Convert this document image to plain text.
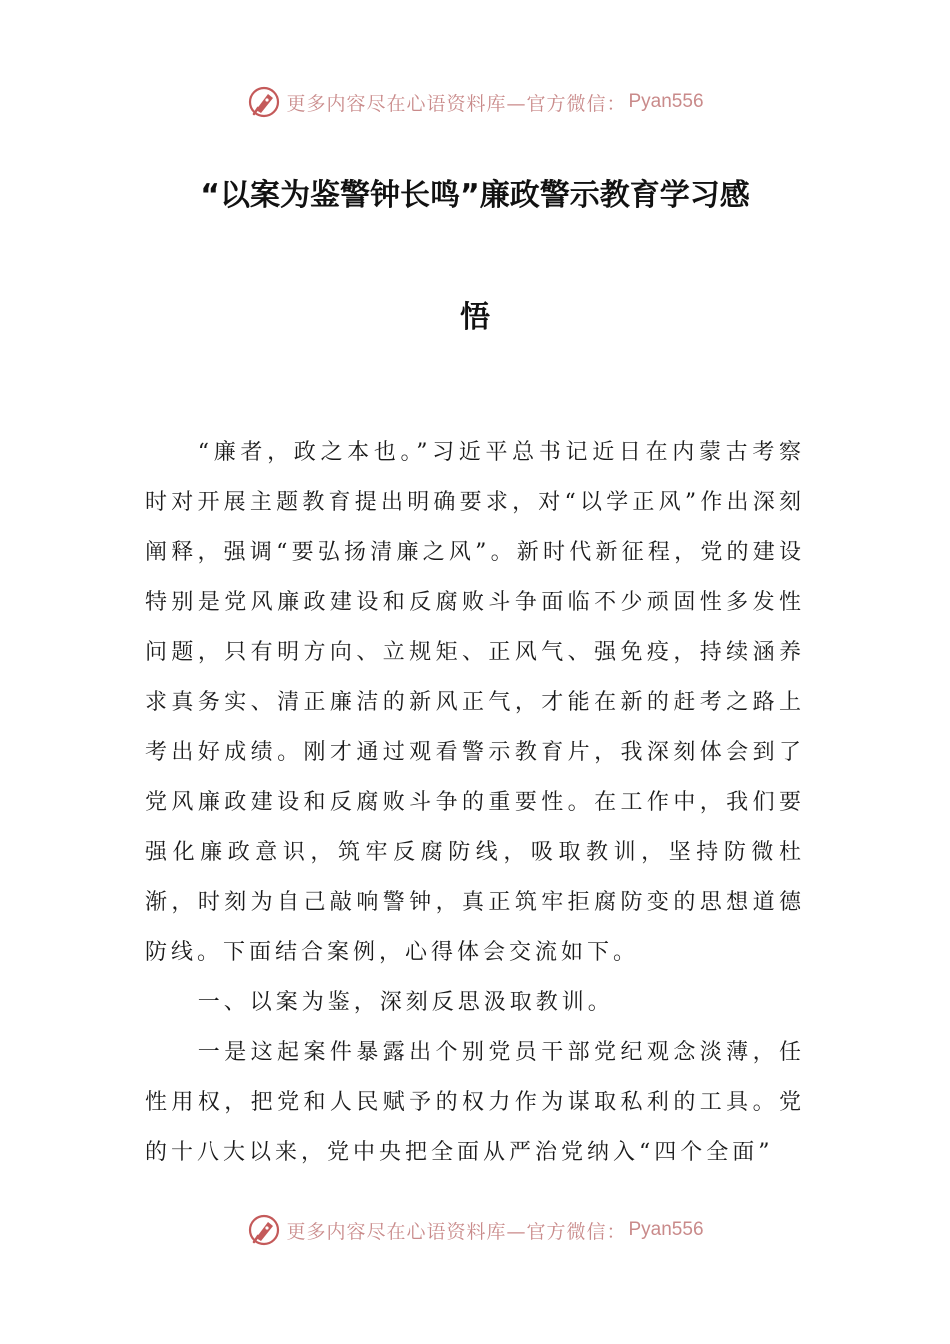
更多内容尽在心语资料库—官方微信： Pyan556
“以案为鉴警钟长鸣”廉政警示教育学习感
悟

“廉者，政之本也。”习近平总书记近日在内蒙古考察时对开展主题教育提出明确要求，对“以学正风”作出深刻阐释，强调“要弘扬清廉之风”。新时代新征程，党的建设特别是党风廉政建设和反腐败斗争面临不少顽固性多发性问题，只有明方向、立规矩、正风气、强免疫，持续涵养求真务实、清正廉洁的新风正气，才能在新的赶考之路上考出好成绩。刚才通过观看警示教育片，我深刻体会到了党风廉政建设和反腐败斗争的重要性。在工作中，我们要强化廉政意识，筑牢反腐防线，吸取教训，坚持防微杜渐，时刻为自己敲响警钟，真正筑牢拒腐防变的思想道德防线。下面结合案例，心得体会交流如下。

一、以案为鉴，深刻反思汲取教训。

一是这起案件暴露出个别党员干部党纪观念淡薄，任性用权，把党和人民赋予的权力作为谋取私利的工具。党的十八大以来，党中央把全面从严治党纳入“四个全面”

更多内容尽在心语资料库—官方微信： Pyan556
